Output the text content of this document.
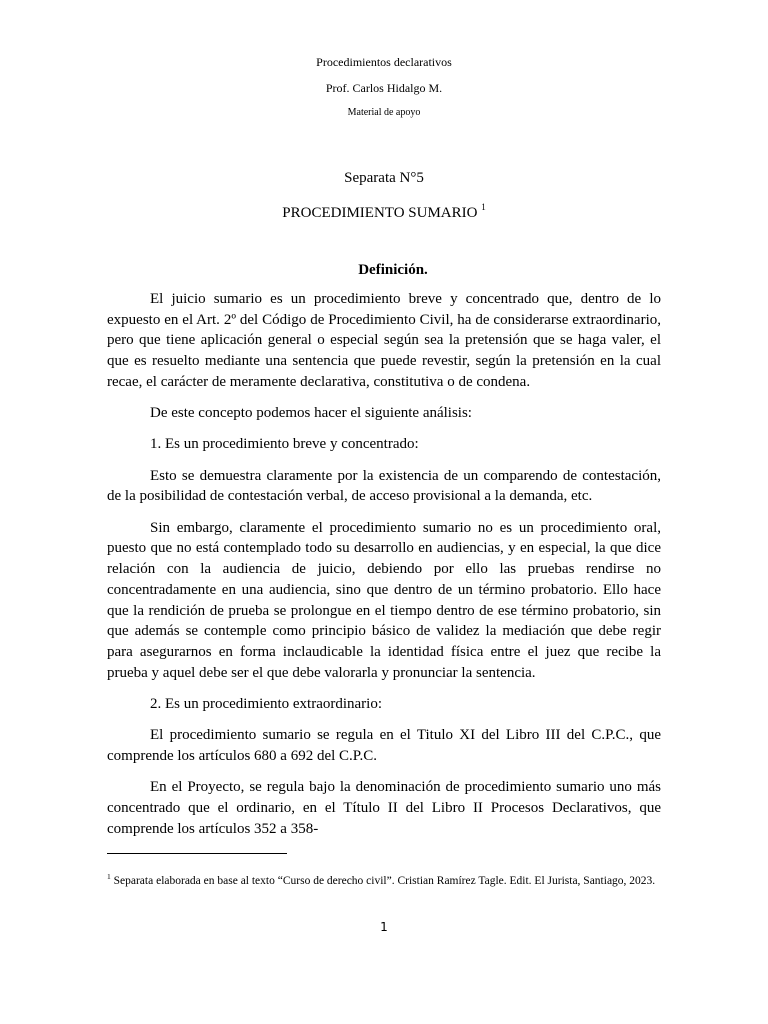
Procedimientos declarativos
Prof. Carlos Hidalgo M.
Material de apoyo
Separata N°5
PROCEDIMIENTO SUMARIO $^1$
Definición.

El juicio sumario es un procedimiento breve y concentrado que, dentro de lo expuesto en el Art. 2º del Código de Procedimiento Civil, ha de considerarse extraordinario, pero que tiene aplicación general o especial según sea la pretensión que se haga valer, el que es resuelto mediante una sentencia que puede revestir, según la pretensión en la cual recae, el carácter de meramente declarativa, constitutiva o de condena.

De este concepto podemos hacer el siguiente análisis:

1. Es un procedimiento breve y concentrado:

Esto se demuestra claramente por la existencia de un comparendo de contestación, de la posibilidad de contestación verbal, de acceso provisional a la demanda, etc.

Sin embargo, claramente el procedimiento sumario no es un procedimiento oral, puesto que no está contemplado todo su desarrollo en audiencias, y en especial, la que dice relación con la audiencia de juicio, debiendo por ello las pruebas rendirse no concentradamente en una audiencia, sino que dentro de un término probatorio. Ello hace que la rendición de prueba se prolongue en el tiempo dentro de ese término probatorio, sin que además se contemple como principio básico de validez la mediación que debe regir para asegurarnos en forma inclaudicable la identidad física entre el juez que recibe la prueba y aquel debe ser el que debe valorarla y pronunciar la sentencia.

2. Es un procedimiento extraordinario:

El procedimiento sumario se regula en el Titulo XI del Libro III del C.P.C., que comprende los artículos 680 a 692 del C.P.C.

En el Proyecto, se regula bajo la denominación de procedimiento sumario uno más concentrado que el ordinario, en el Título II del Libro II Procesos Declarativos, que comprende los artículos 352 a 358-

$^1$ Separata elaborada en base al texto “Curso de derecho civil”. Cristian Ramírez Tagle. Edit. El Jurista, Santiago, 2023.
1
